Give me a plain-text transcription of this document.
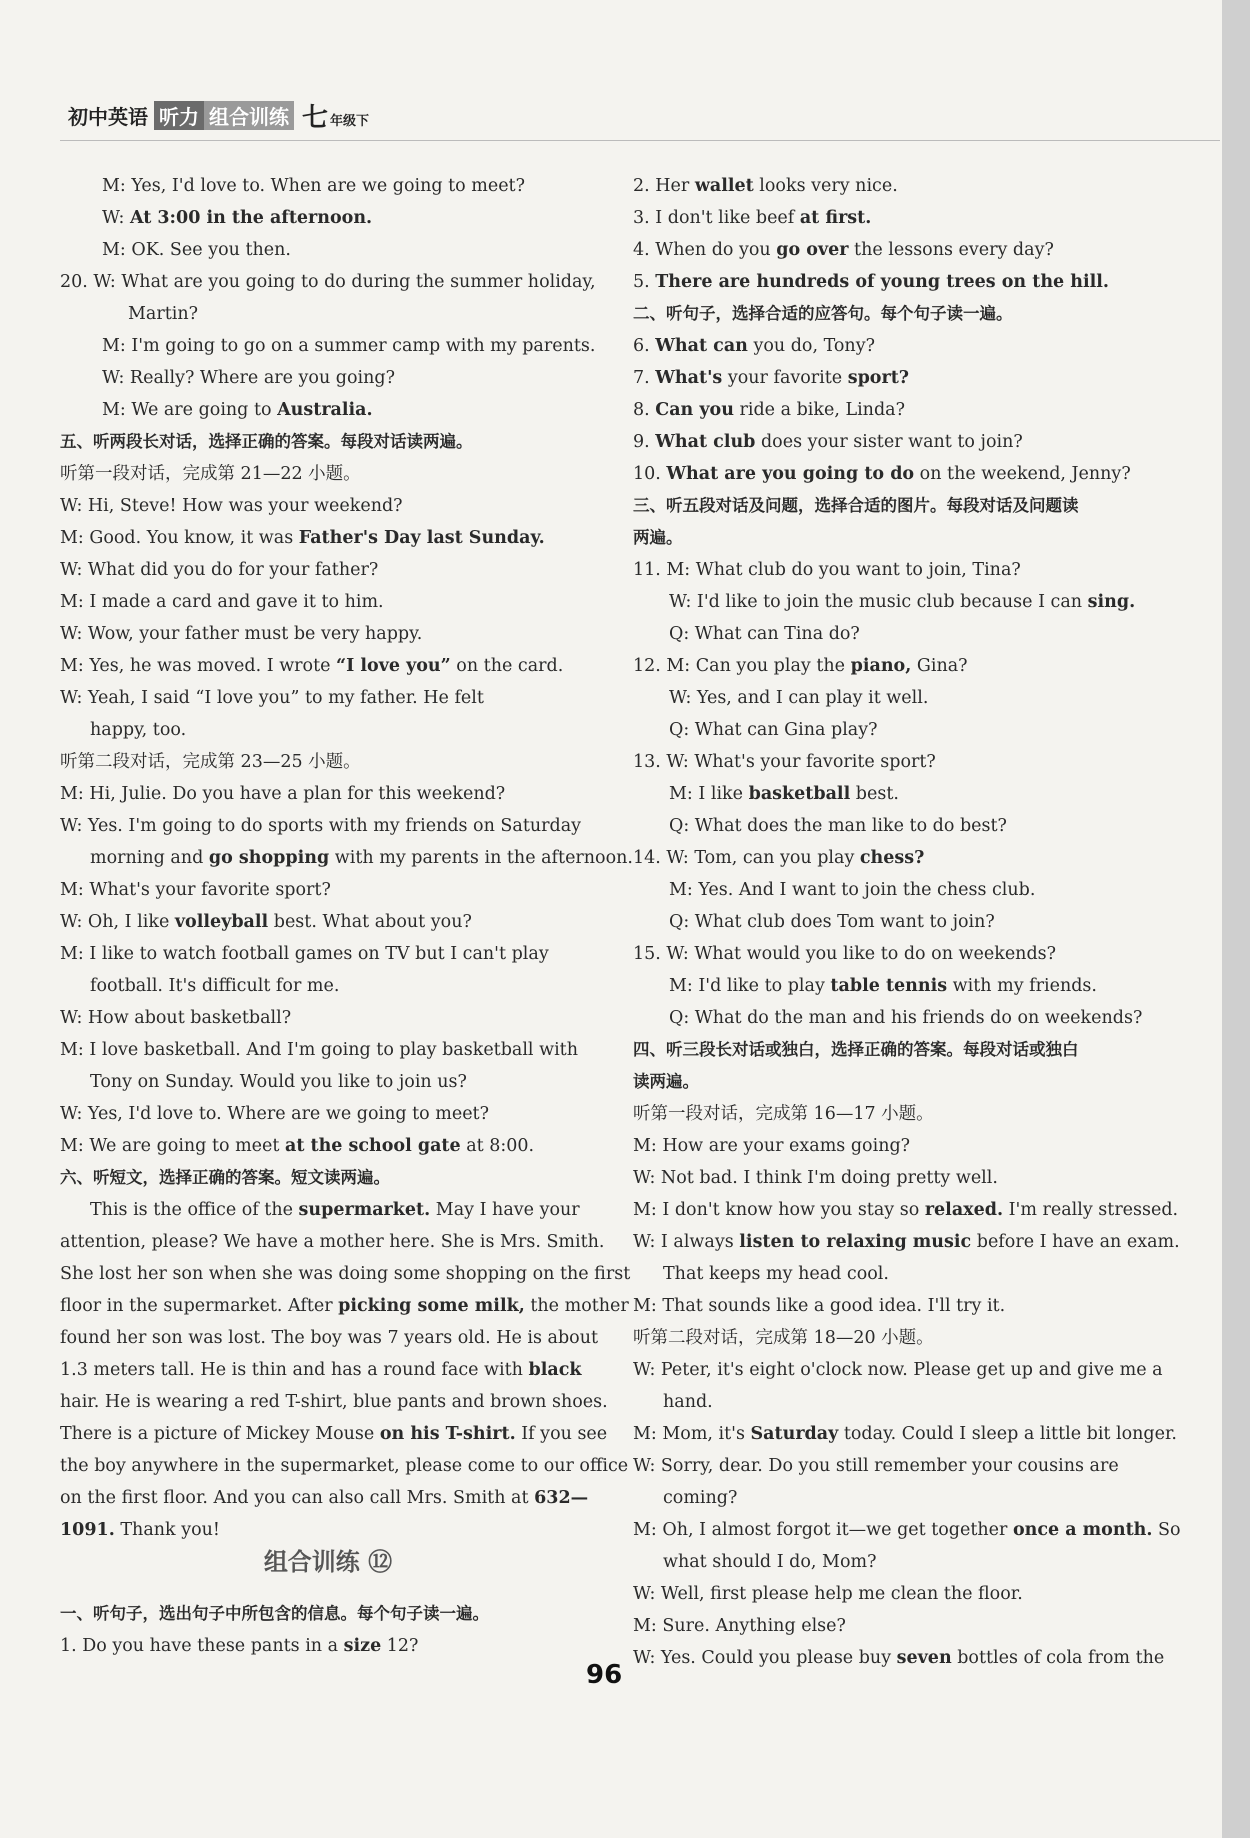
初中英语 听力 组合训练 七 年级下
M: Yes, I'd love to. When are we going to meet?
W: At 3:00 in the afternoon.
M: OK. See you then.
20. W: What are you going to do during the summer holiday,
Martin?
M: I'm going to go on a summer camp with my parents.
W: Really? Where are you going?
M: We are going to Australia.
五、听两段长对话，选择正确的答案。每段对话读两遍。
听第一段对话，完成第 21—22 小题。
W: Hi, Steve! How was your weekend?
M: Good. You know, it was Father's Day last Sunday.
W: What did you do for your father?
M: I made a card and gave it to him.
W: Wow, your father must be very happy.
M: Yes, he was moved. I wrote “I love you” on the card.
W: Yeah, I said “I love you” to my father. He felt
happy, too.
听第二段对话，完成第 23—25 小题。
M: Hi, Julie. Do you have a plan for this weekend?
W: Yes. I'm going to do sports with my friends on Saturday
morning and go shopping with my parents in the afternoon.
M: What's your favorite sport?
W: Oh, I like volleyball best. What about you?
M: I like to watch football games on TV but I can't play
football. It's difficult for me.
W: How about basketball?
M: I love basketball. And I'm going to play basketball with
Tony on Sunday. Would you like to join us?
W: Yes, I'd love to. Where are we going to meet?
M: We are going to meet at the school gate at 8:00.
六、听短文，选择正确的答案。短文读两遍。
This is the office of the supermarket. May I have your
attention, please? We have a mother here. She is Mrs. Smith.
She lost her son when she was doing some shopping on the first
floor in the supermarket. After picking some milk, the mother
found her son was lost. The boy was 7 years old. He is about
1.3 meters tall. He is thin and has a round face with black
hair. He is wearing a red T-shirt, blue pants and brown shoes.
There is a picture of Mickey Mouse on his T-shirt. If you see
the boy anywhere in the supermarket, please come to our office
on the first floor. And you can also call Mrs. Smith at 632—
1091. Thank you!
组合训练 ⑫
一、听句子，选出句子中所包含的信息。每个句子读一遍。
1. Do you have these pants in a size 12?
2. Her wallet looks very nice.
3. I don't like beef at first.
4. When do you go over the lessons every day?
5. There are hundreds of young trees on the hill.
二、听句子，选择合适的应答句。每个句子读一遍。
6. What can you do, Tony?
7. What's your favorite sport?
8. Can you ride a bike, Linda?
9. What club does your sister want to join?
10. What are you going to do on the weekend, Jenny?
三、听五段对话及问题，选择合适的图片。每段对话及问题读
两遍。
11. M: What club do you want to join, Tina?
W: I'd like to join the music club because I can sing.
Q: What can Tina do?
12. M: Can you play the piano, Gina?
W: Yes, and I can play it well.
Q: What can Gina play?
13. W: What's your favorite sport?
M: I like basketball best.
Q: What does the man like to do best?
14. W: Tom, can you play chess?
M: Yes. And I want to join the chess club.
Q: What club does Tom want to join?
15. W: What would you like to do on weekends?
M: I'd like to play table tennis with my friends.
Q: What do the man and his friends do on weekends?
四、听三段长对话或独白，选择正确的答案。每段对话或独白
读两遍。
听第一段对话，完成第 16—17 小题。
M: How are your exams going?
W: Not bad. I think I'm doing pretty well.
M: I don't know how you stay so relaxed. I'm really stressed.
W: I always listen to relaxing music before I have an exam.
That keeps my head cool.
M: That sounds like a good idea. I'll try it.
听第二段对话，完成第 18—20 小题。
W: Peter, it's eight o'clock now. Please get up and give me a
hand.
M: Mom, it's Saturday today. Could I sleep a little bit longer.
W: Sorry, dear. Do you still remember your cousins are
coming?
M: Oh, I almost forgot it—we get together once a month. So
what should I do, Mom?
W: Well, first please help me clean the floor.
M: Sure. Anything else?
W: Yes. Could you please buy seven bottles of cola from the
96
